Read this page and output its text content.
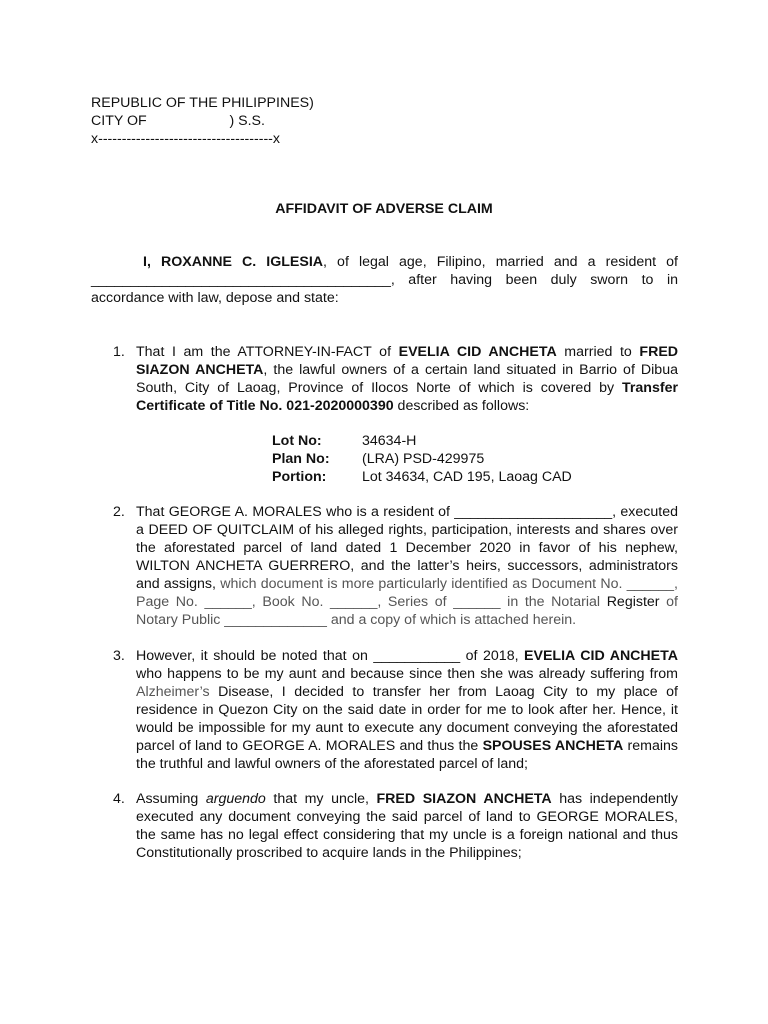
REPUBLIC OF THE PHILIPPINES)
CITY OF                     ) S.S.
x-------------------------------------x
AFFIDAVIT OF ADVERSE CLAIM
I, ROXANNE C. IGLESIA, of legal age, Filipino, married and a resident of ______________________________________, after having been duly sworn to in accordance with law, depose and state:
1. That I am the ATTORNEY-IN-FACT of EVELIA CID ANCHETA married to FRED SIAZON ANCHETA, the lawful owners of a certain land situated in Barrio of Dibua South, City of Laoag, Province of Ilocos Norte of which is covered by Transfer Certificate of Title No. 021-2020000390 described as follows:
Lot No:	34634-H
Plan No:	(LRA) PSD-429975
Portion:	Lot 34634, CAD 195, Laoag CAD
2. That GEORGE A. MORALES who is a resident of ____________________, executed a DEED OF QUITCLAIM of his alleged rights, participation, interests and shares over the aforestated parcel of land dated 1 December 2020 in favor of his nephew, WILTON ANCHETA GUERRERO, and the latter’s heirs, successors, administrators and assigns, which document is more particularly identified as Document No. ______, Page No. ______, Book No. ______, Series of ______ in the Notarial Register of Notary Public _____________ and a copy of which is attached herein.
3. However, it should be noted that on ___________ of 2018, EVELIA CID ANCHETA who happens to be my aunt and because since then she was already suffering from Alzheimer’s Disease, I decided to transfer her from Laoag City to my place of residence in Quezon City on the said date in order for me to look after her. Hence, it would be impossible for my aunt to execute any document conveying the aforestated parcel of land to GEORGE A. MORALES and thus the SPOUSES ANCHETA remains the truthful and lawful owners of the aforestated parcel of land;
4. Assuming arguendo that my uncle, FRED SIAZON ANCHETA has independently executed any document conveying the said parcel of land to GEORGE MORALES, the same has no legal effect considering that my uncle is a foreign national and thus Constitutionally proscribed to acquire lands in the Philippines;
